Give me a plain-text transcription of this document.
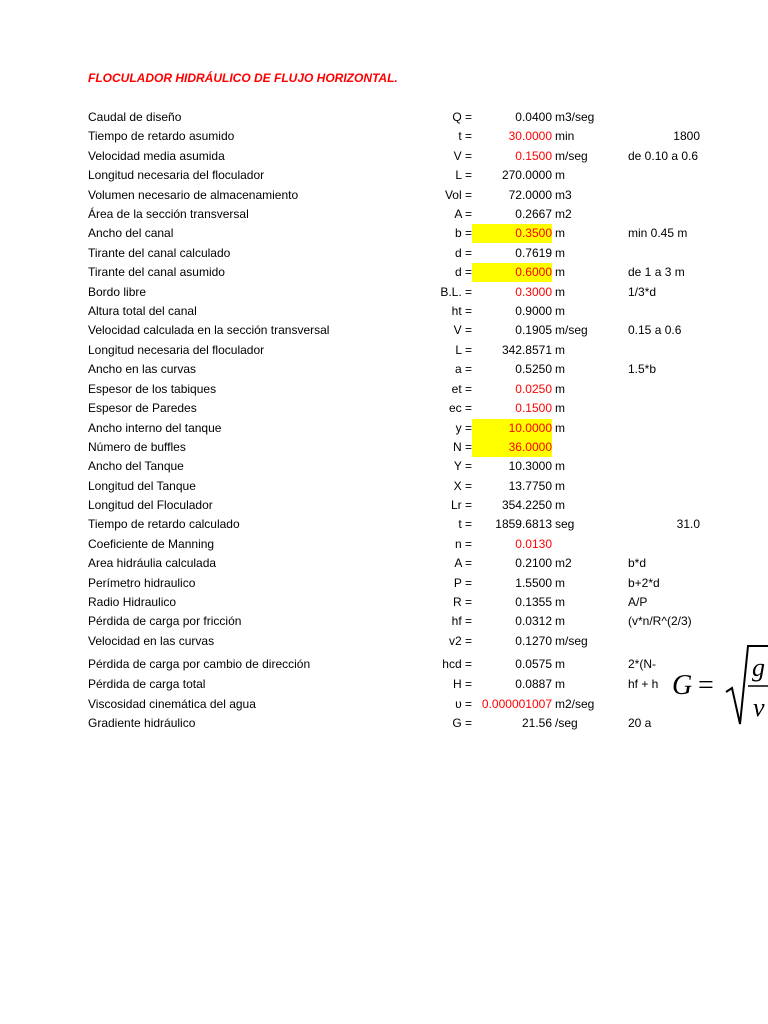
FLOCULADOR HIDRÁULICO DE FLUJO HORIZONTAL.
Caudal de diseño	Q =	0.0400 m3/seg
Tiempo de retardo asumido	t =	30.0000 min	1800
Velocidad media asumida	V =	0.1500 m/seg	de 0.10 a 0.6
Longitud necesaria del floculador	L = 270.0000 m
Volumen necesario de almacenamiento	Vol =	72.0000 m3
Área de la sección transversal	A =	0.2667 m2
Ancho del canal	b =	0.3500 m	min 0.45 m
Tirante del canal calculado	d =	0.7619 m
Tirante del canal asumido	d =	0.6000 m	de 1 a 3 m
Bordo libre	B.L. =	0.3000 m	1/3*d
Altura total del canal	ht =	0.9000 m
Velocidad calculada en la sección transversal	V =	0.1905 m/seg	0.15 a 0.6
Longitud necesaria del floculador	L = 342.8571 m
Ancho en las curvas	a =	0.5250 m	1.5*b
Espesor de los tabiques	et =	0.0250 m
Espesor de Paredes	ec =	0.1500 m
Ancho interno del tanque	y =	10.0000 m
Número de buffles	N =	36.0000
Ancho del Tanque	Y =	10.3000 m
Longitud del Tanque	X =	13.7750 m
Longitud del Floculador	Lr = 354.2250 m
Tiempo de retardo calculado	t = 1859.6813 seg	31.0
Coeficiente de Manning	n =	0.0130
Area hidráulia calculada	A =	0.2100 m2	b*d
Perímetro hidraulico	P =	1.5500 m	b+2*d
Radio Hidraulico	R =	0.1355 m	A/P
Pérdida de carga por fricción	hf =	0.0312 m	(v*n/R^(2/3)
Velocidad en las curvas	v2 =	0.1270 m/seg
Pérdida de carga por cambio de dirección	hcd =	0.0575 m	2*(N-
Pérdida de carga total	H =	0.0887 m	hf + h
Viscosidad cinemática del agua	υ = 0.000001007 m2/seg
Gradiente hidráulico	G =	21.56 /seg	20 a
G =
g
ν
